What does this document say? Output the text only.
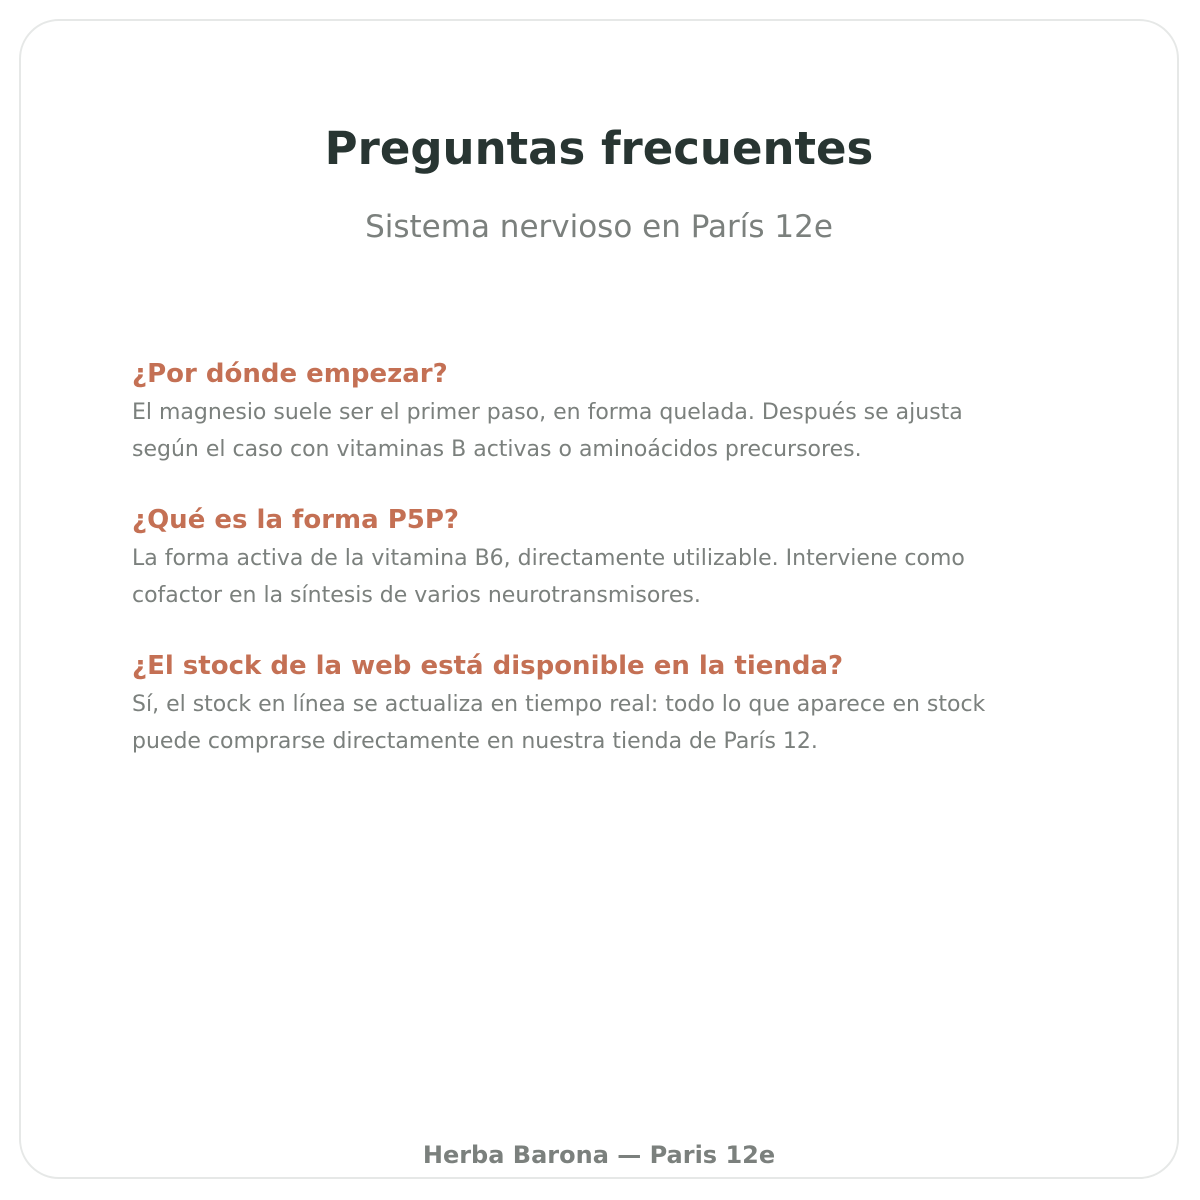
Preguntas frecuentes

Sistema nervioso en París 12e

¿Por dónde empezar?

El magnesio suele ser el primer paso, en forma quelada. Después se ajusta
según el caso con vitaminas B activas o aminoácidos precursores.

¿Qué es la forma P5P?

La forma activa de la vitamina B6, directamente utilizable. Interviene como
cofactor en la síntesis de varios neurotransmisores.

¿El stock de la web está disponible en la tienda?

Sí, el stock en línea se actualiza en tiempo real: todo lo que aparece en stock
puede comprarse directamente en nuestra tienda de París 12.

Herba Barona — Paris 12e
